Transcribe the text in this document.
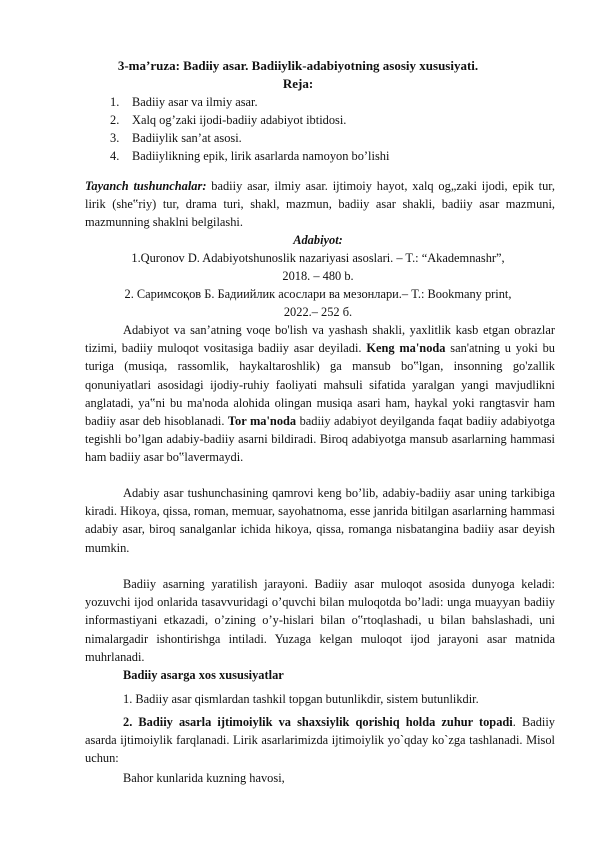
3-ma’ruza: Badiiy asar. Badiiylik-adabiyotning asosiy xususiyati.
Reja:
1.	Badiiy asar va ilmiy asar.
2.	Xalq og’zaki ijodi-badiiy adabiyot ibtidosi.
3.	Badiiylik san’at asosi.
4.	Badiiylikning epik, lirik asarlarda namoyon bo’lishi
Tayanch tushunchalar: badiiy asar, ilmiy asar. ijtimoiy hayot, xalq og„zaki ijodi, epik tur, lirik (she‟riy) tur, drama turi, shakl, mazmun, badiiy asar shakli, badiiy asar mazmuni, mazmunning shaklni belgilashi.
Adabiyot:
1.Quronov D. Adabiyotshunoslik nazariyasi asoslari. – T.: “Akademnashr”,
2018. – 480 b.
2. Саримсоқов Б. Бадиийлик асослари ва мезонлари.– T.: Bookmany print,
2022.– 252 б.
Adabiyot va san’atning voqe bo'lish va yashash shakli, yaxlitlik kasb etgan obrazlar tizimi, badiiy muloqot vositasiga badiiy asar deyiladi. Keng ma'noda san'atning u yoki bu turiga (musiqa, rassomlik, haykaltaroshlik) ga mansub bo‟lgan, insonning go'zallik qonuniyatlari asosidagi ijodiy-ruhiy faoliyati mahsuli sifatida yaralgan yangi mavjudlikni anglatadi, ya‟ni bu ma'noda alohida olingan musiqa asari ham, haykal yoki rangtasvir ham badiiy asar deb hisoblanadi. Tor ma'noda badiiy adabiyot deyilganda faqat badiiy adabiyotga tegishli bo’lgan adabiy-badiiy asarni bildiradi. Biroq adabiyotga mansub asarlarning hammasi ham badiiy asar bo‟lavermaydi.
Adabiy asar tushunchasining qamrovi keng bo’lib, adabiy-badiiy asar uning tarkibiga kiradi. Hikoya, qissa, roman, memuar, sayohatnoma, esse janrida bitilgan asarlarning hammasi adabiy asar, biroq sanalganlar ichida hikoya, qissa, romanga nisbatangina badiiy asar deyish mumkin.
Badiiy asarning yaratilish jarayoni. Badiiy asar muloqot asosida dunyoga keladi: yozuvchi ijod onlarida tasavvuridagi o’quvchi bilan muloqotda bo’ladi: unga muayyan badiiy informastiyani etkazadi, o’zining o’y-hislari bilan o‟rtoqlashadi, u bilan bahslashadi, uni nimalargadir ishontirishga intiladi. Yuzaga kelgan muloqot ijod jarayoni asar matnida muhrlanadi.
Badiiy asarga xos xususiyatlar
1. Badiiy asar qismlardan tashkil topgan butunlikdir, sistem butunlikdir.
2. Badiiy asarla ijtimoiylik va shaxsiylik qorishiq holda zuhur topadi. Badiiy asarda ijtimoiylik farqlanadi. Lirik asarlarimizda ijtimoiylik yo`qday ko`zga tashlanadi. Misol uchun:
Bahor kunlarida kuzning havosi,
